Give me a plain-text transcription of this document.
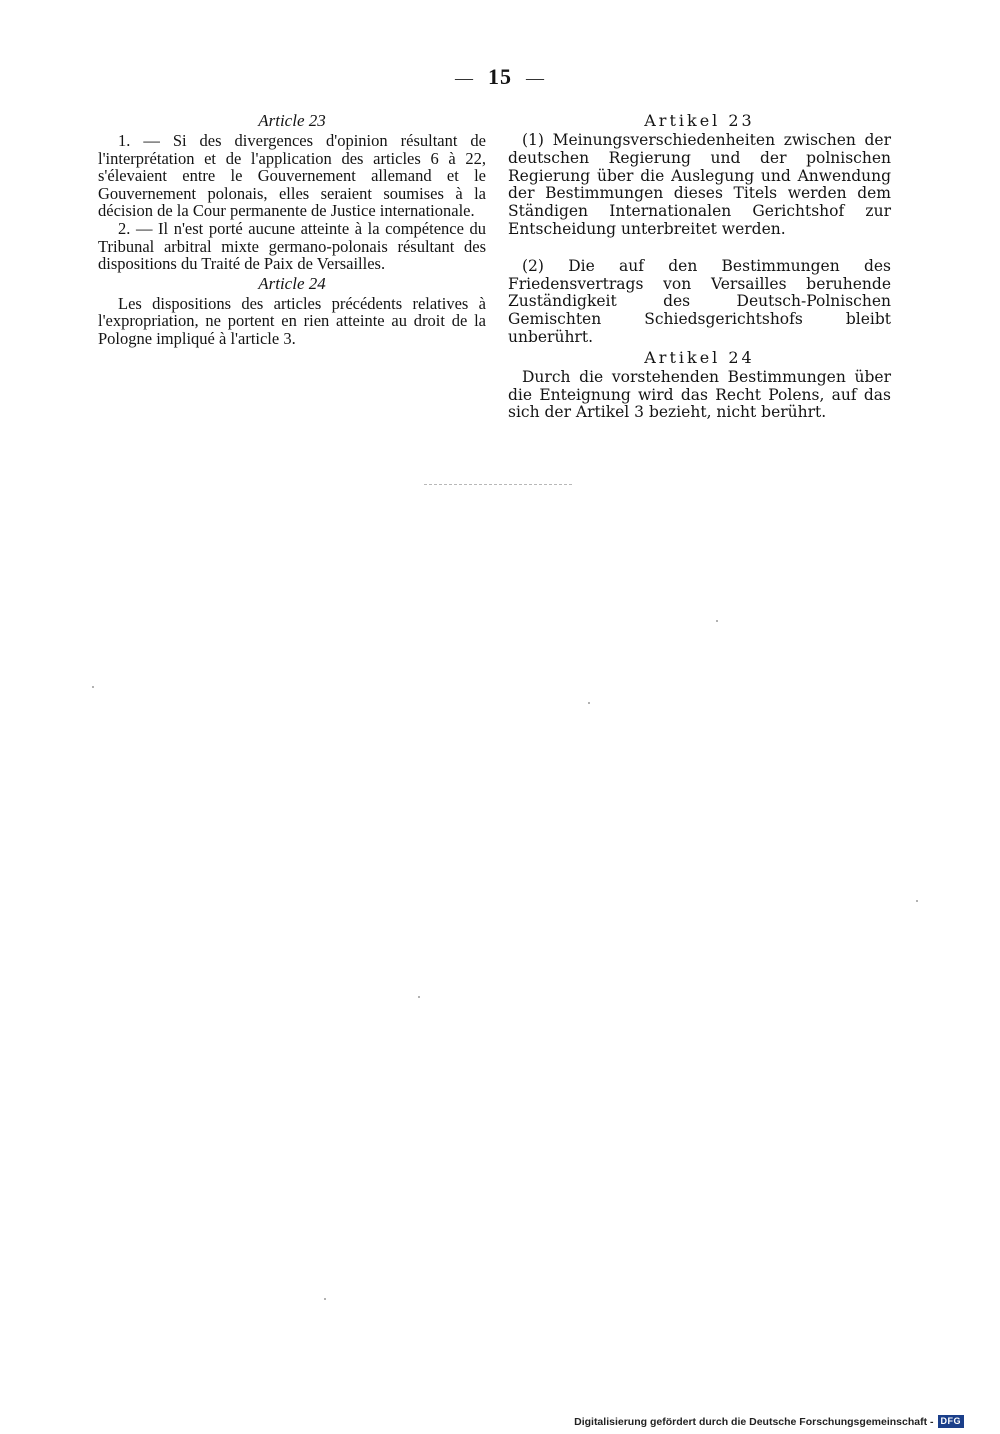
— 15 —

Article 23

1. — Si des divergences d'opinion résultant de l'interprétation et de l'application des articles 6 à 22, s'élevaient entre le Gouvernement allemand et le Gouvernement polonais, elles seraient soumises à la décision de la Cour permanente de Justice internationale.

2. — Il n'est porté aucune atteinte à la compétence du Tribunal arbitral mixte germano-polonais résultant des dispositions du Traité de Paix de Versailles.

Article 24

Les dispositions des articles précédents relatives à l'expropriation, ne portent en rien atteinte au droit de la Pologne impliqué à l'article 3.

Artikel 23

(1) Meinungsverschiedenheiten zwischen der deutschen Regierung und der polnischen Regierung über die Auslegung und Anwendung der Bestimmungen dieses Titels werden dem Ständigen Internationalen Gerichtshof zur Entscheidung unterbreitet werden.

(2) Die auf den Bestimmungen des Friedensvertrags von Versailles beruhende Zuständigkeit des Deutsch-Polnischen Gemischten Schiedsgerichtshofs bleibt unberührt.

Artikel 24

Durch die vorstehenden Bestimmungen über die Enteignung wird das Recht Polens, auf das sich der Artikel 3 bezieht, nicht berührt.

Digitalisierung gefördert durch die Deutsche Forschungsgemeinschaft - DFG
